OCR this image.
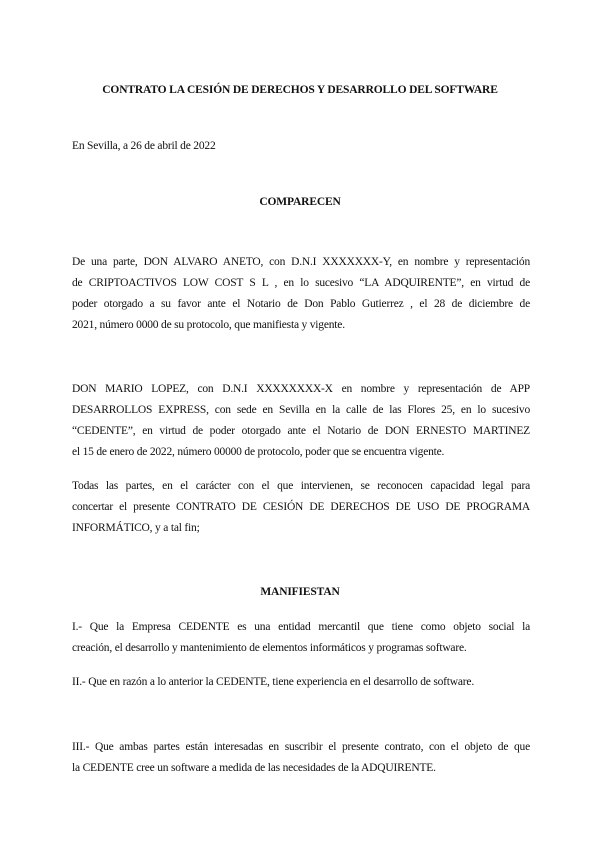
CONTRATO LA CESIÓN DE DERECHOS Y DESARROLLO DEL SOFTWARE
En Sevilla, a 26 de abril de 2022
COMPARECEN
De una parte, DON ALVARO ANETO, con D.N.I XXXXXXX-Y, en nombre y representación
de CRIPTOACTIVOS LOW COST S L , en lo sucesivo “LA ADQUIRENTE”, en virtud de
poder otorgado a su favor ante el Notario de Don Pablo Gutierrez , el 28 de diciembre de
2021, número 0000 de su protocolo, que manifiesta y vigente.
DON MARIO LOPEZ, con D.N.I XXXXXXXX-X en nombre y representación de APP
DESARROLLOS EXPRESS, con sede en Sevilla en la calle de las Flores 25, en lo sucesivo
“CEDENTE”, en virtud de poder otorgado ante el Notario de DON ERNESTO MARTINEZ
el 15 de enero de 2022, número 00000 de protocolo, poder que se encuentra vigente.
Todas las partes, en el carácter con el que intervienen, se reconocen capacidad legal para
concertar el presente CONTRATO DE CESIÓN DE DERECHOS DE USO DE PROGRAMA
INFORMÁTICO, y a tal fin;
MANIFIESTAN
I.- Que la Empresa CEDENTE es una entidad mercantil que tiene como objeto social la
creación, el desarrollo y mantenimiento de elementos informáticos y programas software.
II.- Que en razón a lo anterior la CEDENTE, tiene experiencia en el desarrollo de software.
III.- Que ambas partes están interesadas en suscribir el presente contrato, con el objeto de que
la CEDENTE cree un software a medida de las necesidades de la ADQUIRENTE.
